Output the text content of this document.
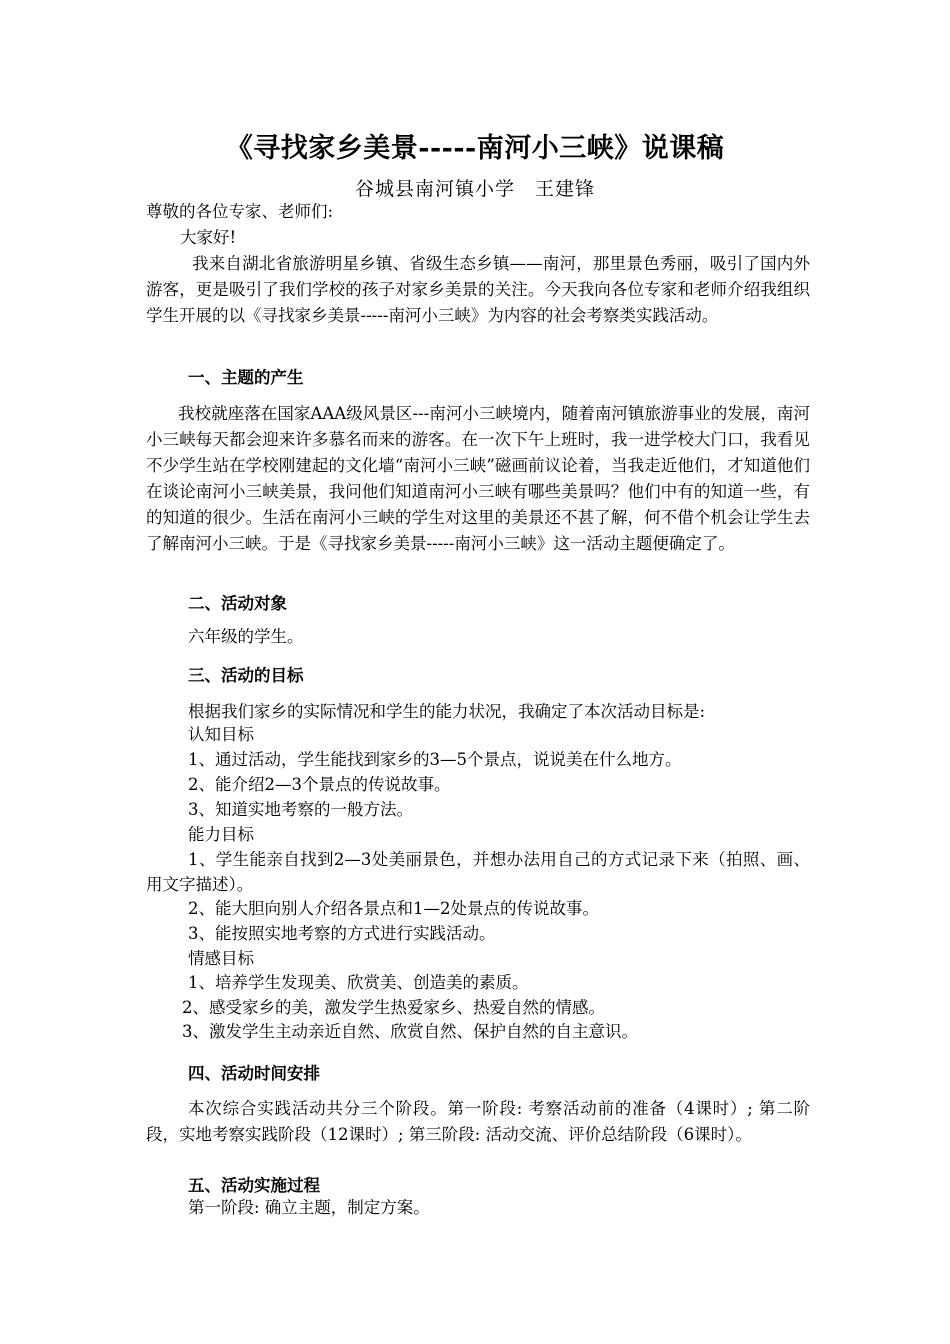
《寻找家乡美景-----南河小三峡》说课稿
谷城县南河镇小学　王建锋
尊敬的各位专家、老师们:
大家好!
我来自湖北省旅游明星乡镇、省级生态乡镇——南河，那里景色秀丽，吸引了国内外游客，更是吸引了我们学校的孩子对家乡美景的关注。今天我向各位专家和老师介绍我组织学生开展的以《寻找家乡美景-----南河小三峡》为内容的社会考察类实践活动。
一、主题的产生
我校就座落在国家AAA级风景区---南河小三峡境内，随着南河镇旅游事业的发展，南河小三峡每天都会迎来许多慕名而来的游客。在一次下午上班时，我一进学校大门口，我看见不少学生站在学校刚建起的文化墙“南河小三峡”磁画前议论着，当我走近他们，才知道他们在谈论南河小三峡美景，我问他们知道南河小三峡有哪些美景吗？他们中有的知道一些，有的知道的很少。生活在南河小三峡的学生对这里的美景还不甚了解，何不借个机会让学生去了解南河小三峡。于是《寻找家乡美景-----南河小三峡》这一活动主题便确定了。
二、活动对象
六年级的学生。
三、活动的目标
根据我们家乡的实际情况和学生的能力状况，我确定了本次活动目标是:
认知目标
1、通过活动，学生能找到家乡的3—5个景点，说说美在什么地方。
2、能介绍2—3个景点的传说故事。
3、知道实地考察的一般方法。
能力目标
1、学生能亲自找到2—3处美丽景色，并想办法用自己的方式记录下来（拍照、画、用文字描述）。
2、能大胆向别人介绍各景点和1—2处景点的传说故事。
3、能按照实地考察的方式进行实践活动。
情感目标
1、培养学生发现美、欣赏美、创造美的素质。
2、感受家乡的美，激发学生热爱家乡、热爱自然的情感。
3、激发学生主动亲近自然、欣赏自然、保护自然的自主意识。
四、活动时间安排
本次综合实践活动共分三个阶段。第一阶段: 考察活动前的准备（4课时）; 第二阶段，实地考察实践阶段（12课时）; 第三阶段: 活动交流、评价总结阶段（6课时）。
五、活动实施过程
第一阶段: 确立主题，制定方案。
